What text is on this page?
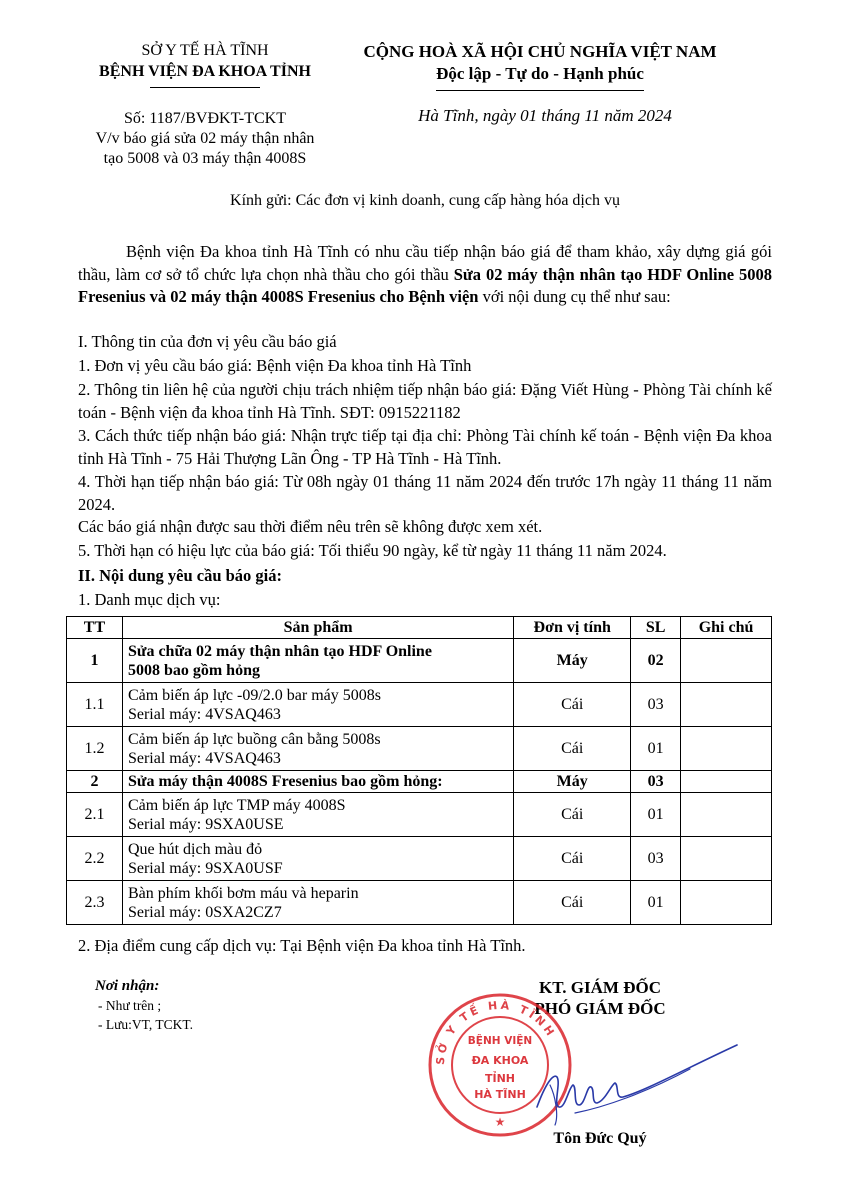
SỞ Y TẾ HÀ TĨNH
BỆNH VIỆN ĐA KHOA TỈNH
CỘNG HOÀ XÃ HỘI CHỦ NGHĨA VIỆT NAM
Độc lập - Tự do - Hạnh phúc
Số: 1187/BVĐKT-TCKT
V/v báo giá sửa 02 máy thận nhân
tạo 5008 và 03 máy thận 4008S
Hà Tĩnh, ngày 01 tháng 11 năm 2024
Kính gửi: Các đơn vị kinh doanh, cung cấp hàng hóa dịch vụ
Bệnh viện Đa khoa tỉnh Hà Tĩnh có nhu cầu tiếp nhận báo giá để tham khảo, xây dựng giá gói thầu, làm cơ sở tổ chức lựa chọn nhà thầu cho gói thầu Sửa 02 máy thận nhân tạo HDF Online 5008 Fresenius và 02 máy thận 4008S Fresenius cho Bệnh viện với nội dung cụ thể như sau:
I. Thông tin của đơn vị yêu cầu báo giá
1. Đơn vị yêu cầu báo giá: Bệnh viện Đa khoa tỉnh Hà Tĩnh
2. Thông tin liên hệ của người chịu trách nhiệm tiếp nhận báo giá: Đặng Viết Hùng - Phòng Tài chính kế toán - Bệnh viện đa khoa tỉnh Hà Tĩnh. SĐT: 0915221182
3. Cách thức tiếp nhận báo giá: Nhận trực tiếp tại địa chỉ: Phòng Tài chính kế toán - Bệnh viện Đa khoa tỉnh Hà Tĩnh - 75 Hải Thượng Lãn Ông - TP Hà Tĩnh - Hà Tĩnh.
4. Thời hạn tiếp nhận báo giá: Từ 08h ngày 01 tháng 11 năm 2024 đến trước 17h ngày 11 tháng 11 năm 2024.
Các báo giá nhận được sau thời điểm nêu trên sẽ không được xem xét.
5. Thời hạn có hiệu lực của báo giá: Tối thiểu 90 ngày, kể từ ngày 11 tháng 11 năm 2024.
II. Nội dung yêu cầu báo giá:
1. Danh mục dịch vụ:
TT	Sản phẩm	Đơn vị tính	SL	Ghi chú
1	Sửa chữa 02 máy thận nhân tạo HDF Online
5008 bao gồm hỏng	Máy	02	
1.1	Cảm biến áp lực -09/2.0 bar máy 5008s
Serial máy: 4VSAQ463	Cái	03	
1.2	Cảm biến áp lực buồng cân bằng 5008s
Serial máy: 4VSAQ463	Cái	01	
2	Sửa máy thận 4008S Fresenius bao gồm hỏng:	Máy	03	
2.1	Cảm biến áp lực TMP máy 4008S
Serial máy: 9SXA0USE	Cái	01	
2.2	Que hút dịch màu đỏ
Serial máy: 9SXA0USF	Cái	03	
2.3	Bàn phím khối bơm máu và heparin
Serial máy: 0SXA2CZ7	Cái	01	
2. Địa điểm cung cấp dịch vụ: Tại Bệnh viện Đa khoa tỉnh Hà Tĩnh.
Nơi nhận:
- Như trên ;
- Lưu:VT, TCKT.
KT. GIÁM ĐỐC
PHÓ GIÁM ĐỐC
SỞ Y TẾ HÀ TĨNH
BỆNH VIỆN
ĐA KHOA
TỈNH
HÀ TĨNH
★
Tôn Đức Quý
